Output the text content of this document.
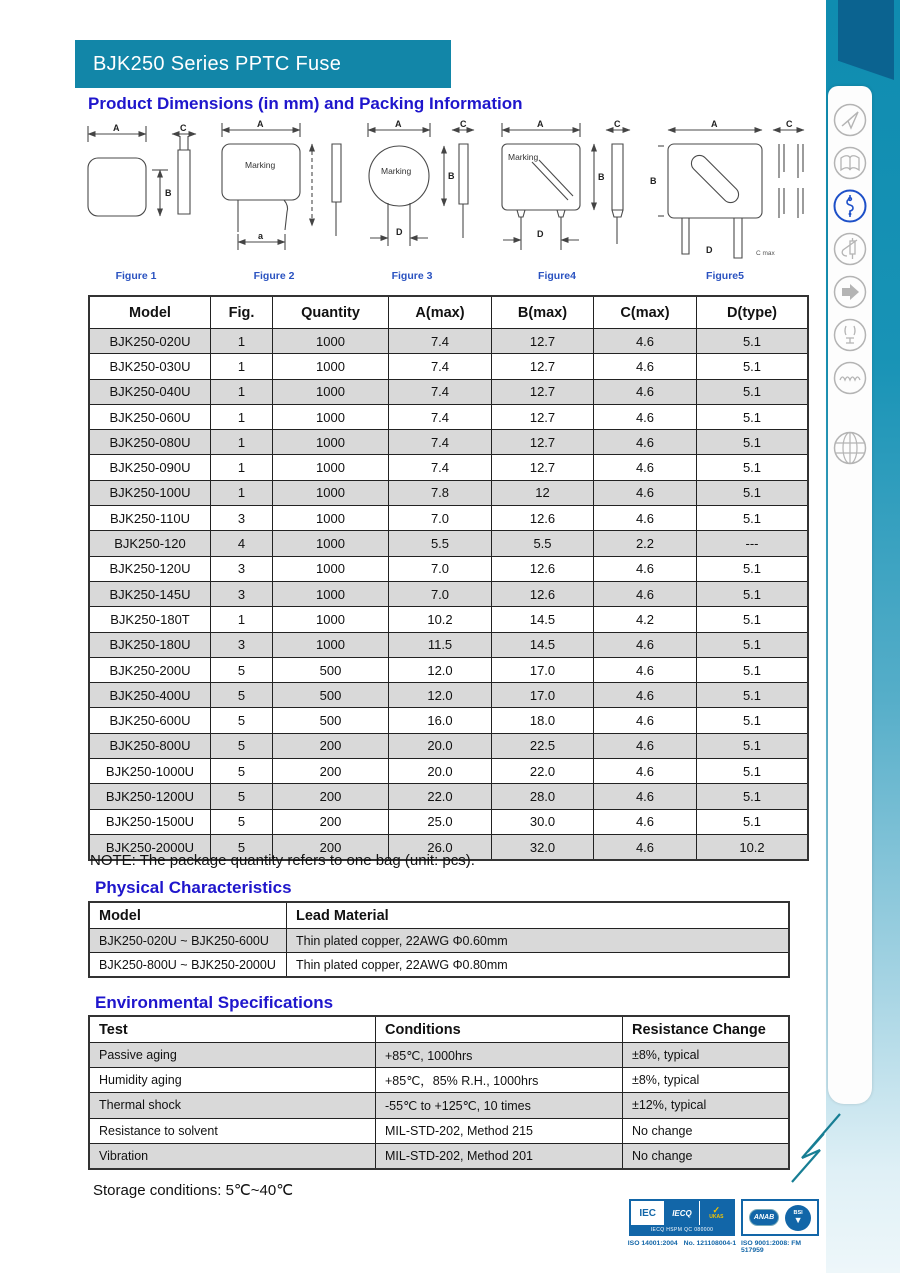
BJK250 Series PPTC Fuse
Product Dimensions (in mm) and Packing Information
A
B
C
Figure 1
A
Marking
a
Figure 2
A
Marking	B
D
C
Figure 3
A
Marking
B
D
C
Figure4
A
B
D
C
C max
Figure5
Model	Fig.	Quantity	A(max)	B(max)	C(max)	D(type)
BJK250-020U	1	1000	7.4	12.7	4.6	5.1
BJK250-030U	1	1000	7.4	12.7	4.6	5.1
BJK250-040U	1	1000	7.4	12.7	4.6	5.1
BJK250-060U	1	1000	7.4	12.7	4.6	5.1
BJK250-080U	1	1000	7.4	12.7	4.6	5.1
BJK250-090U	1	1000	7.4	12.7	4.6	5.1
BJK250-100U	1	1000	7.8	12	4.6	5.1
BJK250-110U	3	1000	7.0	12.6	4.6	5.1
BJK250-120	4	1000	5.5	5.5	2.2	---
BJK250-120U	3	1000	7.0	12.6	4.6	5.1
BJK250-145U	3	1000	7.0	12.6	4.6	5.1
BJK250-180T	1	1000	10.2	14.5	4.2	5.1
BJK250-180U	3	1000	11.5	14.5	4.6	5.1
BJK250-200U	5	500	12.0	17.0	4.6	5.1
BJK250-400U	5	500	12.0	17.0	4.6	5.1
BJK250-600U	5	500	16.0	18.0	4.6	5.1
BJK250-800U	5	200	20.0	22.5	4.6	5.1
BJK250-1000U	5	200	20.0	22.0	4.6	5.1
BJK250-1200U	5	200	22.0	28.0	4.6	5.1
BJK250-1500U	5	200	25.0	30.0	4.6	5.1
BJK250-2000U	5	200	26.0	32.0	4.6	10.2

NOTE: The package quantity refers to one bag (unit: pcs).

Physical Characteristics
Model	Lead Material
BJK250-020U ~ BJK250-600U	Thin plated copper, 22AWG Φ0.60mm
BJK250-800U ~ BJK250-2000U	Thin plated copper, 22AWG Φ0.80mm
Environmental Specifications
Test	Conditions	Resistance Change
Passive aging	+85℃, 1000hrs	±8%, typical
Humidity aging	+85℃，85% R.H., 1000hrs	±8%, typical
Thermal shock	-55℃ to +125℃, 10 times	±12%, typical
Resistance to solvent	MIL-STD-202, Method 215	No change
Vibration	MIL-STD-202, Method 201	No change

Storage conditions: 5℃~40℃

IEC IECQ ✓
UKAS
IECQ HSPM QC 080000
ISO 14001:2004 No. 121108004-1
ANAB
BSI
▼
ISO 9001:2008: FM 517959
